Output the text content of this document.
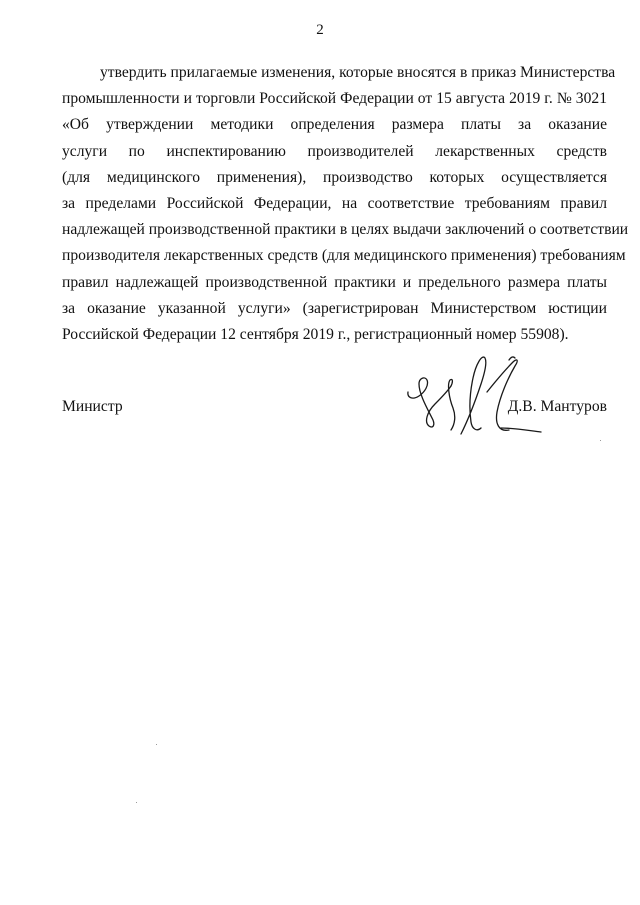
2
утвердить прилагаемые изменения, которые вносятся в приказ Министерства
промышленности и торговли Российской Федерации от 15 августа 2019 г. № 3021
«Об утверждении методики определения размера платы за оказание
услуги по инспектированию производителей лекарственных средств
(для медицинского применения), производство которых осуществляется
за пределами Российской Федерации, на соответствие требованиям правил
надлежащей производственной практики в целях выдачи заключений о соответствии
производителя лекарственных средств (для медицинского применения) требованиям
правил надлежащей производственной практики и предельного размера платы
за оказание указанной услуги» (зарегистрирован Министерством юстиции
Российской Федерации 12 сентября 2019 г., регистрационный номер 55908).
Министр	Д.В. Мантуров
